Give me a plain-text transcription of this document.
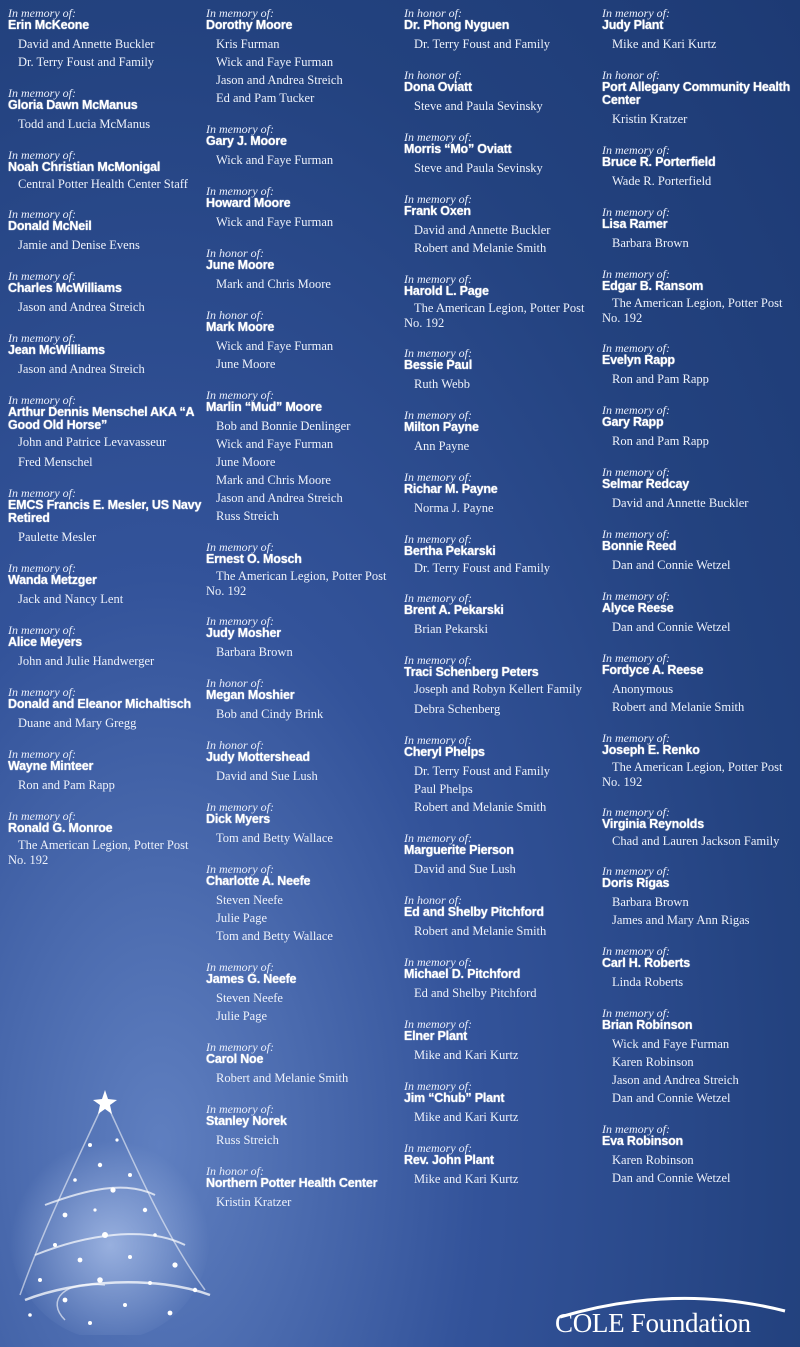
In memory of:
Erin McKeone
David and Annette Buckler
Dr. Terry Foust and Family
In memory of:
Gloria Dawn McManus
Todd and Lucia McManus
In memory of:
Noah Christian McMonigal
Central Potter Health Center Staff
In memory of:
Donald McNeil
Jamie and Denise Evens
In memory of:
Charles McWilliams
Jason and Andrea Streich
In memory of:
Jean McWilliams
Jason and Andrea Streich
In memory of:
Arthur Dennis Menschel AKA “A Good Old Horse”
John and Patrice Levavasseur
Fred Menschel
In memory of:
EMCS Francis E. Mesler, US Navy Retired
Paulette Mesler
In memory of:
Wanda Metzger
Jack and Nancy Lent
In memory of:
Alice Meyers
John and Julie Handwerger
In memory of:
Donald and Eleanor Michaltisch
Duane and Mary Gregg
In memory of:
Wayne Minteer
Ron and Pam Rapp
In memory of:
Ronald G. Monroe
The American Legion, Potter Post No. 192
In memory of:
Dorothy Moore
Kris Furman
Wick and Faye Furman
Jason and Andrea Streich
Ed and Pam Tucker
In memory of:
Gary J. Moore
Wick and Faye Furman
In memory of:
Howard Moore
Wick and Faye Furman
In honor of:
June Moore
Mark and Chris Moore
In honor of:
Mark Moore
Wick and Faye Furman
June Moore
In memory of:
Marlin “Mud” Moore
Bob and Bonnie Denlinger
Wick and Faye Furman
June Moore
Mark and Chris Moore
Jason and Andrea Streich
Russ Streich
In memory of:
Ernest O. Mosch
The American Legion, Potter Post No. 192
In memory of:
Judy Mosher
Barbara Brown
In honor of:
Megan Moshier
Bob and Cindy Brink
In honor of:
Judy Mottershead
David and Sue Lush
In memory of:
Dick Myers
Tom and Betty Wallace
In memory of:
Charlotte A. Neefe
Steven Neefe
Julie Page
Tom and Betty Wallace
In memory of:
James G. Neefe
Steven Neefe
Julie Page
In memory of:
Carol Noe
Robert and Melanie Smith
In memory of:
Stanley Norek
Russ Streich
In honor of:
Northern Potter Health Center
Kristin Kratzer
In honor of:
Dr. Phong Nyguen
Dr. Terry Foust and Family
In honor of:
Dona Oviatt
Steve and Paula Sevinsky
In memory of:
Morris “Mo” Oviatt
Steve and Paula Sevinsky
In memory of:
Frank Oxen
David and Annette Buckler
Robert and Melanie Smith
In memory of:
Harold L. Page
The American Legion, Potter Post No. 192
In memory of:
Bessie Paul
Ruth Webb
In memory of:
Milton Payne
Ann Payne
In memory of:
Richar M. Payne
Norma J. Payne
In memory of:
Bertha Pekarski
Dr. Terry Foust and Family
In memory of:
Brent A. Pekarski
Brian Pekarski
In memory of:
Traci Schenberg Peters
Joseph and Robyn Kellert Family
Debra Schenberg
In memory of:
Cheryl Phelps
Dr. Terry Foust and Family
Paul Phelps
Robert and Melanie Smith
In memory of:
Marguerite Pierson
David and Sue Lush
In honor of:
Ed and Shelby Pitchford
Robert and Melanie Smith
In memory of:
Michael D. Pitchford
Ed and Shelby Pitchford
In memory of:
Elner Plant
Mike and Kari Kurtz
In memory of:
Jim “Chub” Plant
Mike and Kari Kurtz
In memory of:
Rev. John Plant
Mike and Kari Kurtz
In memory of:
Judy Plant
Mike and Kari Kurtz
In honor of:
Port Allegany Community Health Center
Kristin Kratzer
In memory of:
Bruce R. Porterfield
Wade R. Porterfield
In memory of:
Lisa Ramer
Barbara Brown
In memory of:
Edgar B. Ransom
The American Legion, Potter Post No. 192
In memory of:
Evelyn Rapp
Ron and Pam Rapp
In memory of:
Gary Rapp
Ron and Pam Rapp
In memory of:
Selmar Redcay
David and Annette Buckler
In memory of:
Bonnie Reed
Dan and Connie Wetzel
In memory of:
Alyce Reese
Dan and Connie Wetzel
In memory of:
Fordyce A. Reese
Anonymous
Robert and Melanie Smith
In memory of:
Joseph E. Renko
The American Legion, Potter Post No. 192
In memory of:
Virginia Reynolds
Chad and Lauren Jackson Family
In memory of:
Doris Rigas
Barbara Brown
James and Mary Ann Rigas
In memory of:
Carl H. Roberts
Linda Roberts
In memory of:
Brian Robinson
Wick and Faye Furman
Karen Robinson
Jason and Andrea Streich
Dan and Connie Wetzel
In memory of:
Eva Robinson
Karen Robinson
Dan and Connie Wetzel
COLE Foundation
